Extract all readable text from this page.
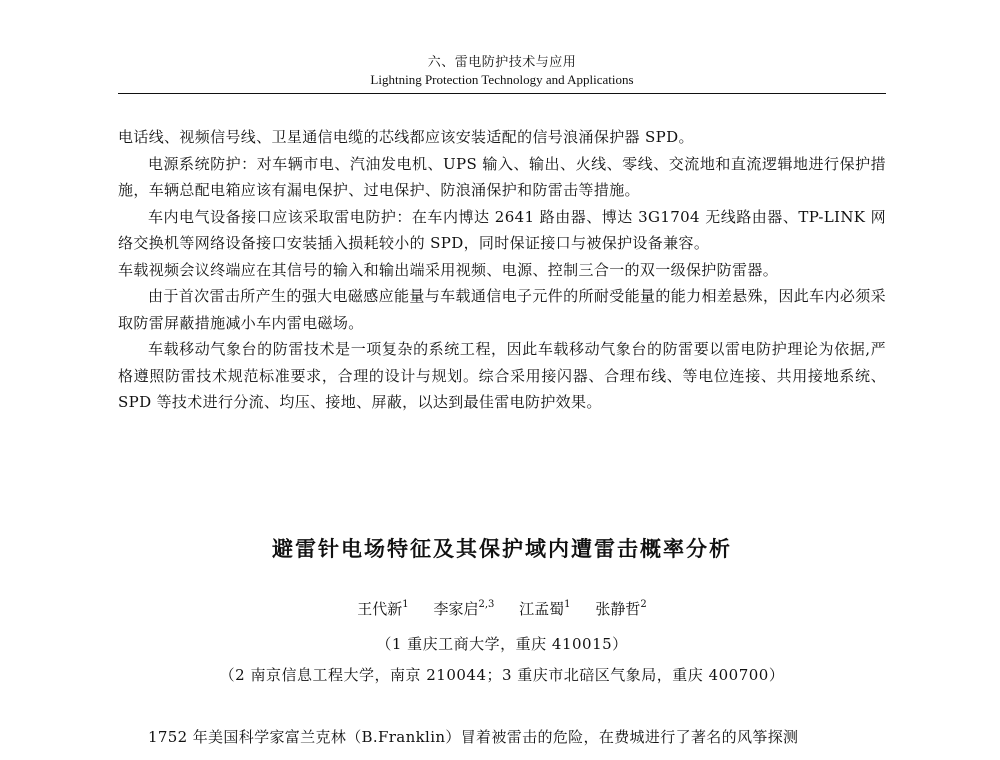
六、雷电防护技术与应用
Lightning Protection Technology and Applications

电话线、视频信号线、卫星通信电缆的芯线都应该安装适配的信号浪涌保护器 SPD。

电源系统防护：对车辆市电、汽油发电机、UPS 输入、输出、火线、零线、交流地和直流逻辑地进行保护措施，车辆总配电箱应该有漏电保护、过电保护、防浪涌保护和防雷击等措施。

车内电气设备接口应该采取雷电防护：在车内博达 2641 路由器、博达 3G1704 无线路由器、TP-LINK 网络交换机等网络设备接口安装插入损耗较小的 SPD，同时保证接口与被保护设备兼容。

车载视频会议终端应在其信号的输入和输出端采用视频、电源、控制三合一的双一级保护防雷器。

由于首次雷击所产生的强大电磁感应能量与车载通信电子元件的所耐受能量的能力相差悬殊，因此车内必须采取防雷屏蔽措施减小车内雷电磁场。

车载移动气象台的防雷技术是一项复杂的系统工程，因此车载移动气象台的防雷要以雷电防护理论为依据,严格遵照防雷技术规范标准要求，合理的设计与规划。综合采用接闪器、合理布线、等电位连接、共用接地系统、SPD 等技术进行分流、均压、接地、屏蔽，以达到最佳雷电防护效果。

避雷针电场特征及其保护域内遭雷击概率分析
王代新$^1$ 李家启$^{2,3}$ 江孟蜀$^1$ 张静哲$^2$
（1 重庆工商大学，重庆 410015）
（2 南京信息工程大学，南京 210044；3 重庆市北碚区气象局，重庆 400700）

1752 年美国科学家富兰克林（B.Franklin）冒着被雷击的危险，在费城进行了著名的风筝探测
